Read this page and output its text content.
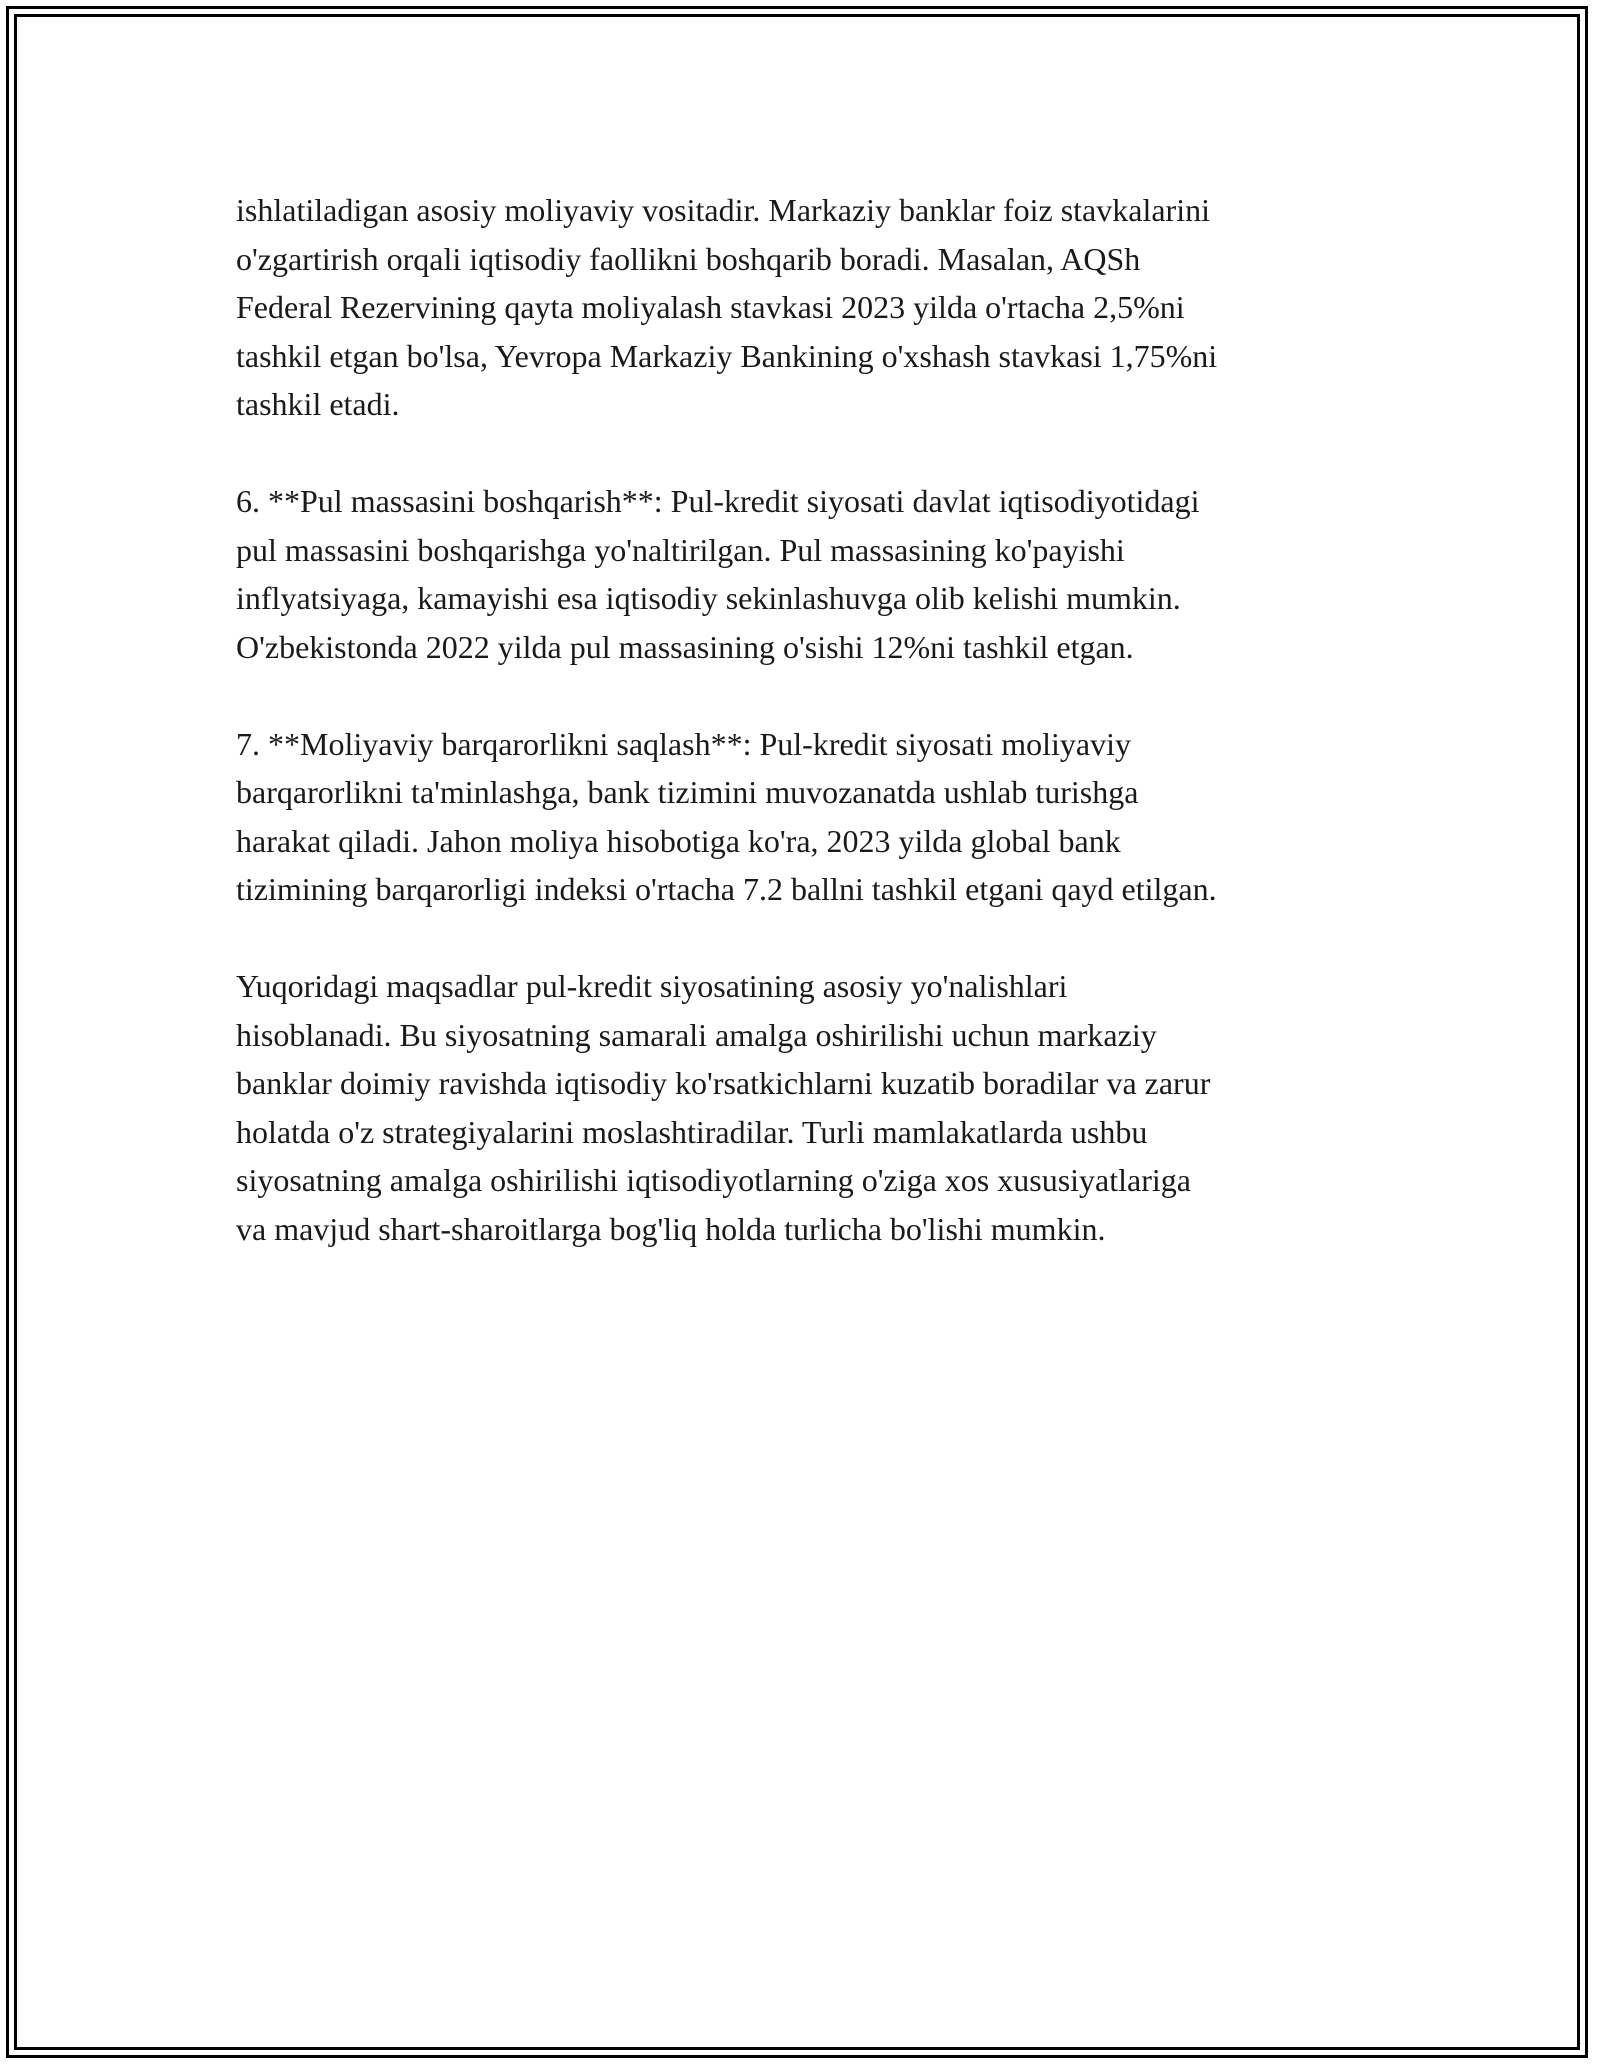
ishlatiladigan asosiy moliyaviy vositadir. Markaziy banklar foiz stavkalarini
o'zgartirish orqali iqtisodiy faollikni boshqarib boradi. Masalan, AQSh
Federal Rezervining qayta moliyalash stavkasi 2023 yilda o'rtacha 2,5%ni
tashkil etgan bo'lsa, Yevropa Markaziy Bankining o'xshash stavkasi 1,75%ni
tashkil etadi.

6. **Pul massasini boshqarish**: Pul-kredit siyosati davlat iqtisodiyotidagi
pul massasini boshqarishga yo'naltirilgan. Pul massasining ko'payishi
inflyatsiyaga, kamayishi esa iqtisodiy sekinlashuvga olib kelishi mumkin.
O'zbekistonda 2022 yilda pul massasining o'sishi 12%ni tashkil etgan.

7. **Moliyaviy barqarorlikni saqlash**: Pul-kredit siyosati moliyaviy
barqarorlikni ta'minlashga, bank tizimini muvozanatda ushlab turishga
harakat qiladi. Jahon moliya hisobotiga ko'ra, 2023 yilda global bank
tizimining barqarorligi indeksi o'rtacha 7.2 ballni tashkil etgani qayd etilgan.

Yuqoridagi maqsadlar pul-kredit siyosatining asosiy yo'nalishlari
hisoblanadi. Bu siyosatning samarali amalga oshirilishi uchun markaziy
banklar doimiy ravishda iqtisodiy ko'rsatkichlarni kuzatib boradilar va zarur
holatda o'z strategiyalarini moslashtiradilar. Turli mamlakatlarda ushbu
siyosatning amalga oshirilishi iqtisodiyotlarning o'ziga xos xususiyatlariga
va mavjud shart-sharoitlarga bog'liq holda turlicha bo'lishi mumkin.
